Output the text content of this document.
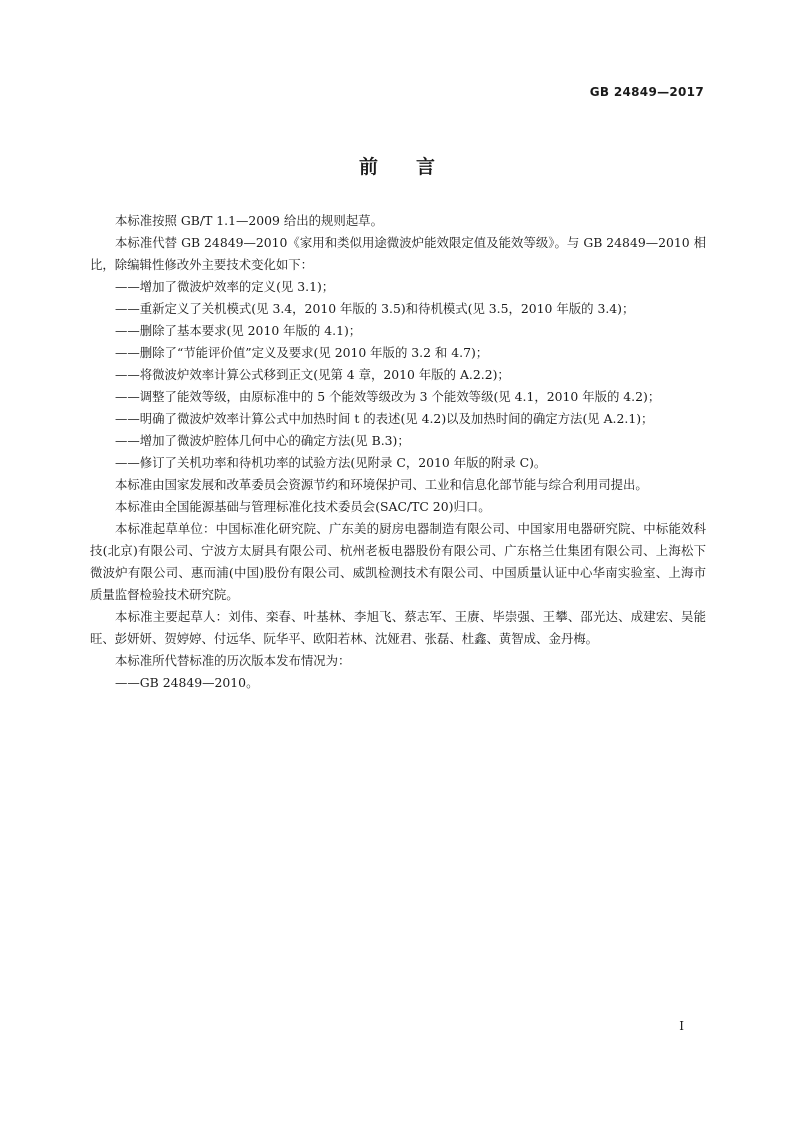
GB 24849—2017
前言

本标准按照 GB/T 1.1—2009 给出的规则起草。

本标准代替 GB 24849—2010《家用和类似用途微波炉能效限定值及能效等级》。与 GB 24849—2010 相比，除编辑性修改外主要技术变化如下：

——增加了微波炉效率的定义(见 3.1)；

——重新定义了关机模式(见 3.4，2010 年版的 3.5)和待机模式(见 3.5，2010 年版的 3.4)；

——删除了基本要求(见 2010 年版的 4.1)；

——删除了“节能评价值”定义及要求(见 2010 年版的 3.2 和 4.7)；

——将微波炉效率计算公式移到正文(见第 4 章，2010 年版的 A.2.2)；

——调整了能效等级，由原标准中的 5 个能效等级改为 3 个能效等级(见 4.1，2010 年版的 4.2)；

——明确了微波炉效率计算公式中加热时间 t 的表述(见 4.2)以及加热时间的确定方法(见 A.2.1)；

——增加了微波炉腔体几何中心的确定方法(见 B.3)；

——修订了关机功率和待机功率的试验方法(见附录 C，2010 年版的附录 C)。

本标准由国家发展和改革委员会资源节约和环境保护司、工业和信息化部节能与综合利用司提出。

本标准由全国能源基础与管理标准化技术委员会(SAC/TC 20)归口。

本标准起草单位：中国标准化研究院、广东美的厨房电器制造有限公司、中国家用电器研究院、中标能效科技(北京)有限公司、宁波方太厨具有限公司、杭州老板电器股份有限公司、广东格兰仕集团有限公司、上海松下微波炉有限公司、惠而浦(中国)股份有限公司、威凯检测技术有限公司、中国质量认证中心华南实验室、上海市质量监督检验技术研究院。

本标准主要起草人：刘伟、栾春、叶基林、李旭飞、蔡志军、王赓、毕崇强、王攀、邵光达、成建宏、吴能旺、彭妍妍、贺婷婷、付远华、阮华平、欧阳若林、沈娅君、张磊、杜鑫、黄智成、金丹梅。

本标准所代替标准的历次版本发布情况为：

——GB 24849—2010。

I
